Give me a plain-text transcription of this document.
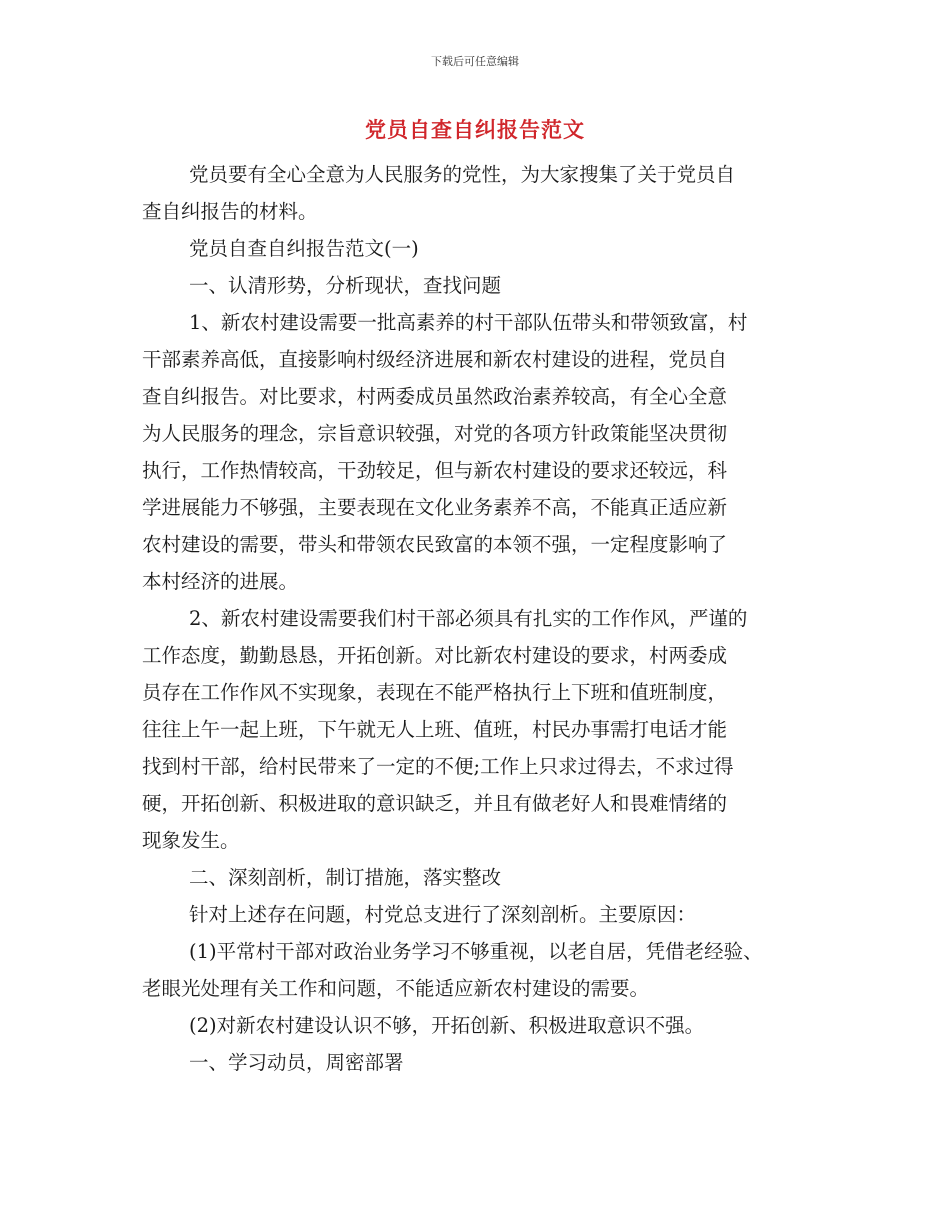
下载后可任意编辑
党员自查自纠报告范文
党员要有全心全意为人民服务的党性，为大家搜集了关于党员自
查自纠报告的材料。
党员自查自纠报告范文(一)
一、认清形势，分析现状，查找问题
1、新农村建设需要一批高素养的村干部队伍带头和带领致富，村
干部素养高低，直接影响村级经济进展和新农村建设的进程，党员自
查自纠报告。对比要求，村两委成员虽然政治素养较高，有全心全意
为人民服务的理念，宗旨意识较强，对党的各项方针政策能坚决贯彻
执行，工作热情较高，干劲较足，但与新农村建设的要求还较远，科
学进展能力不够强，主要表现在文化业务素养不高，不能真正适应新
农村建设的需要，带头和带领农民致富的本领不强，一定程度影响了
本村经济的进展。
2、新农村建设需要我们村干部必须具有扎实的工作作风，严谨的
工作态度，勤勤恳恳，开拓创新。对比新农村建设的要求，村两委成
员存在工作作风不实现象，表现在不能严格执行上下班和值班制度，
往往上午一起上班，下午就无人上班、值班，村民办事需打电话才能
找到村干部，给村民带来了一定的不便;工作上只求过得去，不求过得
硬，开拓创新、积极进取的意识缺乏，并且有做老好人和畏难情绪的
现象发生。
二、深刻剖析，制订措施，落实整改
针对上述存在问题，村党总支进行了深刻剖析。主要原因：
(1)平常村干部对政治业务学习不够重视，以老自居，凭借老经验、
老眼光处理有关工作和问题，不能适应新农村建设的需要。
(2)对新农村建设认识不够，开拓创新、积极进取意识不强。
一、学习动员，周密部署
